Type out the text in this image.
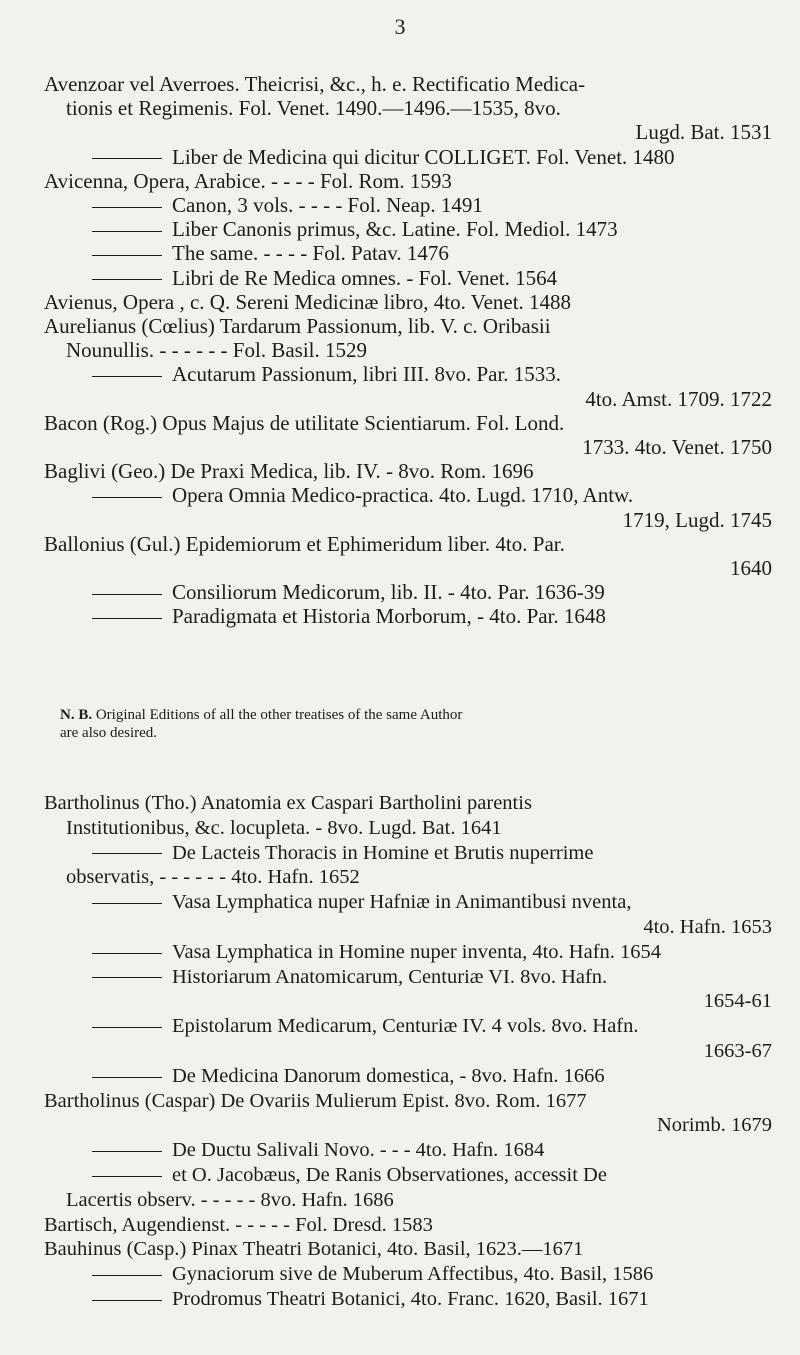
3
Avenzoar vel Averroes. Theicrisi, &c., h. e. Rectificatio Medica-
tionis et Regimenis. Fol. Venet. 1490.—1496.—1535, 8vo.
Lugd. Bat. 1531
Liber de Medicina qui dicitur COLLIGET. Fol. Venet. 1480
Avicenna, Opera, Arabice. - - - - Fol. Rom. 1593
Canon, 3 vols. - - - - Fol. Neap. 1491
Liber Canonis primus, &c. Latine. Fol. Mediol. 1473
The same. - - - - Fol. Patav. 1476
Libri de Re Medica omnes. - Fol. Venet. 1564
Avienus, Opera , c. Q. Sereni Medicinæ libro, 4to. Venet. 1488
Aurelianus (Cœlius) Tardarum Passionum, lib. V. c. Oribasii
Nounullis. - - - - - - Fol. Basil. 1529
Acutarum Passionum, libri III. 8vo. Par. 1533.
4to. Amst. 1709. 1722
Bacon (Rog.) Opus Majus de utilitate Scientiarum. Fol. Lond.
1733. 4to. Venet. 1750
Baglivi (Geo.) De Praxi Medica, lib. IV. - 8vo. Rom. 1696
Opera Omnia Medico-practica. 4to. Lugd. 1710, Antw.
1719, Lugd. 1745
Ballonius (Gul.) Epidemiorum et Ephimeridum liber. 4to. Par.
1640
Consiliorum Medicorum, lib. II. - 4to. Par. 1636-39
Paradigmata et Historia Morborum, - 4to. Par. 1648
N. B. Original Editions of all the other treatises of the same Author
are also desired.
Bartholinus (Tho.) Anatomia ex Caspari Bartholini parentis
Institutionibus, &c. locupleta. - 8vo. Lugd. Bat. 1641
De Lacteis Thoracis in Homine et Brutis nuperrime
observatis, - - - - - - 4to. Hafn. 1652
Vasa Lymphatica nuper Hafniæ in Animantibusi nventa,
4to. Hafn. 1653
Vasa Lymphatica in Homine nuper inventa, 4to. Hafn. 1654
Historiarum Anatomicarum, Centuriæ VI. 8vo. Hafn.
1654-61
Epistolarum Medicarum, Centuriæ IV. 4 vols. 8vo. Hafn.
1663-67
De Medicina Danorum domestica, - 8vo. Hafn. 1666
Bartholinus (Caspar) De Ovariis Mulierum Epist. 8vo. Rom. 1677
Norimb. 1679
De Ductu Salivali Novo. - - - 4to. Hafn. 1684
et O. Jacobæus, De Ranis Observationes, accessit De
Lacertis observ. - - - - - 8vo. Hafn. 1686
Bartisch, Augendienst. - - - - - Fol. Dresd. 1583
Bauhinus (Casp.) Pinax Theatri Botanici, 4to. Basil, 1623.—1671
Gynaciorum sive de Muberum Affectibus, 4to. Basil, 1586
Prodromus Theatri Botanici, 4to. Franc. 1620, Basil. 1671
